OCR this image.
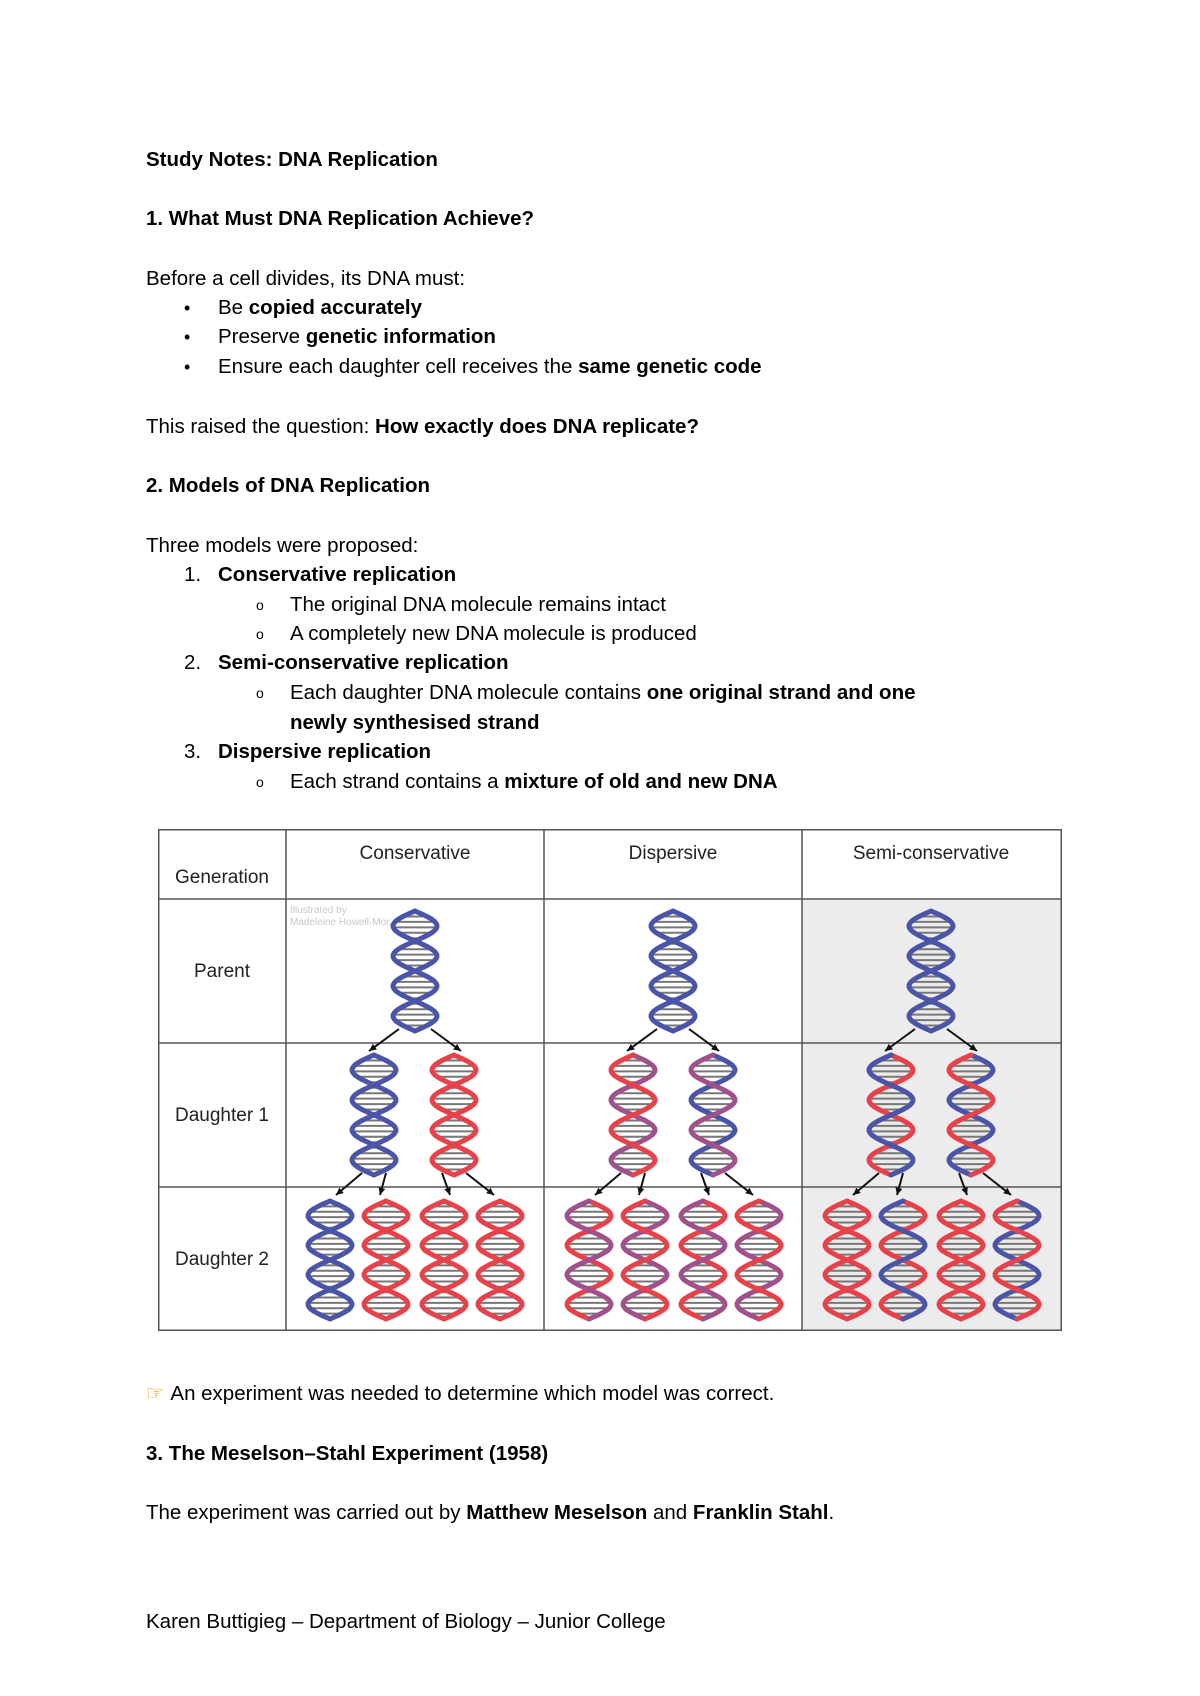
Study Notes: DNA Replication
1. What Must DNA Replication Achieve?
Before a cell divides, its DNA must:
• Be copied accurately
• Preserve genetic information
• Ensure each daughter cell receives the same genetic code
This raised the question: How exactly does DNA replicate?
2. Models of DNA Replication
Three models were proposed:
1. Conservative replication
o The original DNA molecule remains intact
o A completely new DNA molecule is produced
2. Semi-conservative replication
o Each daughter DNA molecule contains one original strand and one
newly synthesised strand
3. Dispersive replication
o Each strand contains a mixture of old and new DNA
Generation
Conservative	Dispersive	Semi-conservative
Parent
Daughter 1
Daughter 2
Illustrated by
Madeleine Howell-Mor...
☞ An experiment was needed to determine which model was correct.
3. The Meselson–Stahl Experiment (1958)
The experiment was carried out by Matthew Meselson and Franklin Stahl.
Karen Buttigieg – Department of Biology – Junior College
